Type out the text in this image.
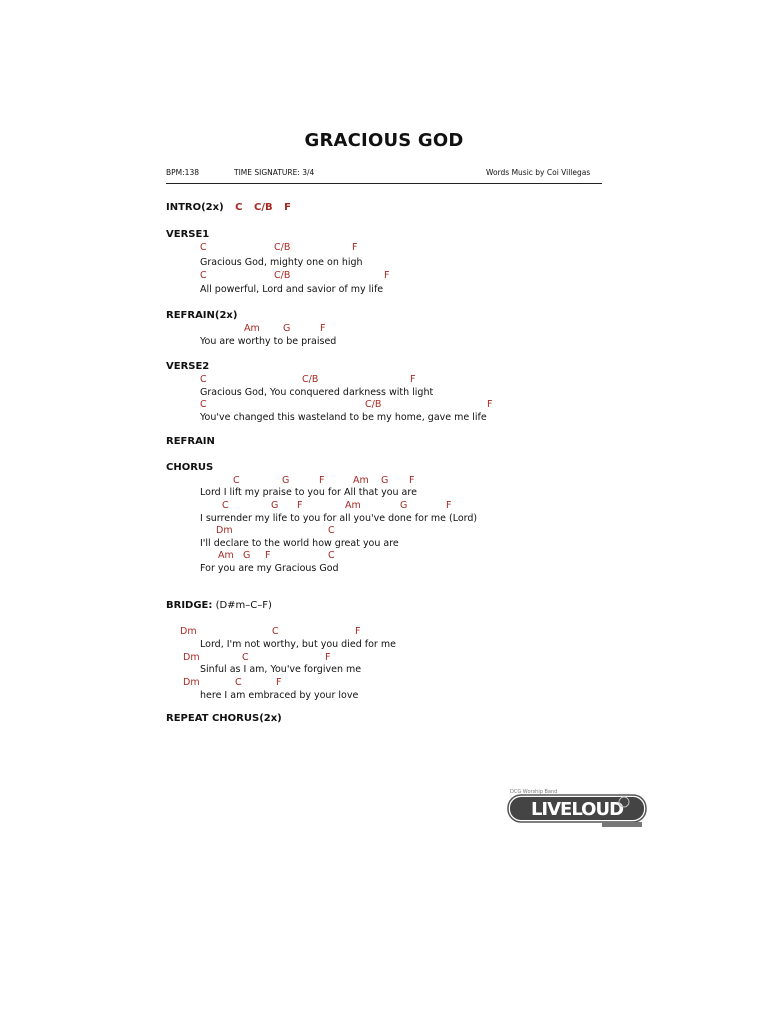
GRACIOUS GOD
BPM:138	TIME SIGNATURE: 3/4	Words Music by Coi Villegas
INTRO(2x) C C/B F
VERSE1
C	C/B	F
Gracious God, mighty one on high
C	C/B	F
All powerful, Lord and savior of my life
REFRAIN(2x)
Am G	F
You are worthy to be praised
VERSE2
C	C/B	F
Gracious God, You conquered darkness with light
C	C/B	F
You've changed this wasteland to be my home, gave me life
REFRAIN
CHORUS
C	G	F	Am G F
Lord I lift my praise to you for All that you are
C	G F	Am	G	F
I surrender my life to you for all you've done for me (Lord)
Dm	C
I'll declare to the world how great you are
Am G F	C
For you are my Gracious God
BRIDGE: (D#m–C–F)
Dm	C	F
Lord, I'm not worthy, but you died for me
Dm	C	F
Sinful as I am, You've forgiven me
Dm	C	F
here I am embraced by your love
REPEAT CHORUS(2x)
LIVELOUD
DCG Worship Band
